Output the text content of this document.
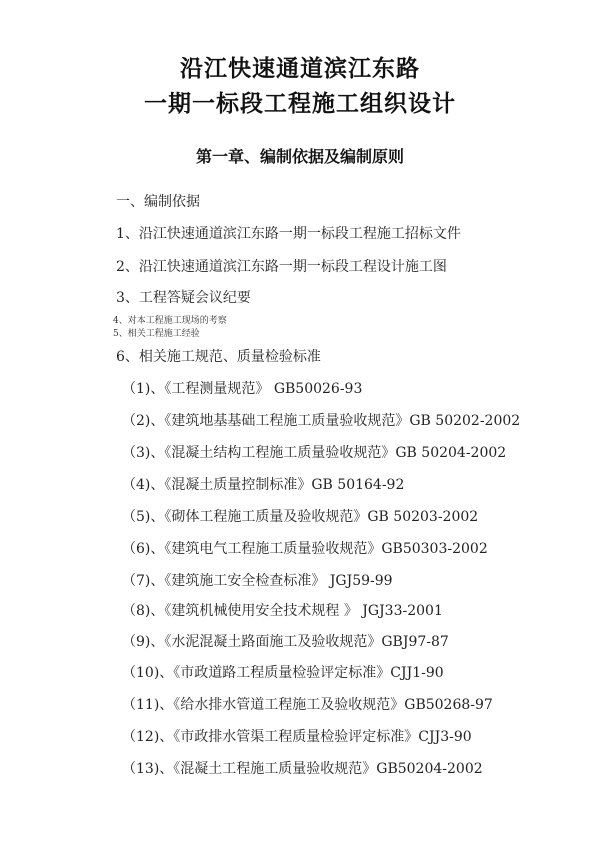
沿江快速通道滨江东路
一期一标段工程施工组织设计
第一章、编制依据及编制原则
一、编制依据
1、沿江快速通道滨江东路一期一标段工程施工招标文件
2、沿江快速通道滨江东路一期一标段工程设计施工图
3、工程答疑会议纪要
4、对本工程施工现场的考察
5、相关工程施工经验
6、相关施工规范、质量检验标准
（1)、《工程测量规范》 GB50026-93
（2)、《建筑地基基础工程施工质量验收规范》GB 50202-2002
（3)、《混凝土结构工程施工质量验收规范》GB 50204-2002
（4)、《混凝土质量控制标准》GB 50164-92
（5)、《砌体工程施工质量及验收规范》GB 50203-2002
（6)、《建筑电气工程施工质量验收规范》GB50303-2002
（7)、《建筑施工安全检查标准》 JGJ59-99
（8)、《建筑机械使用安全技术规程 》 JGJ33-2001
（9)、《水泥混凝土路面施工及验收规范》GBJ97-87
（10)、《市政道路工程质量检验评定标准》CJJ1-90
（11)、《给水排水管道工程施工及验收规范》GB50268-97
（12)、《市政排水管渠工程质量检验评定标准》CJJ3-90
（13)、《混凝土工程施工质量验收规范》GB50204-2002
